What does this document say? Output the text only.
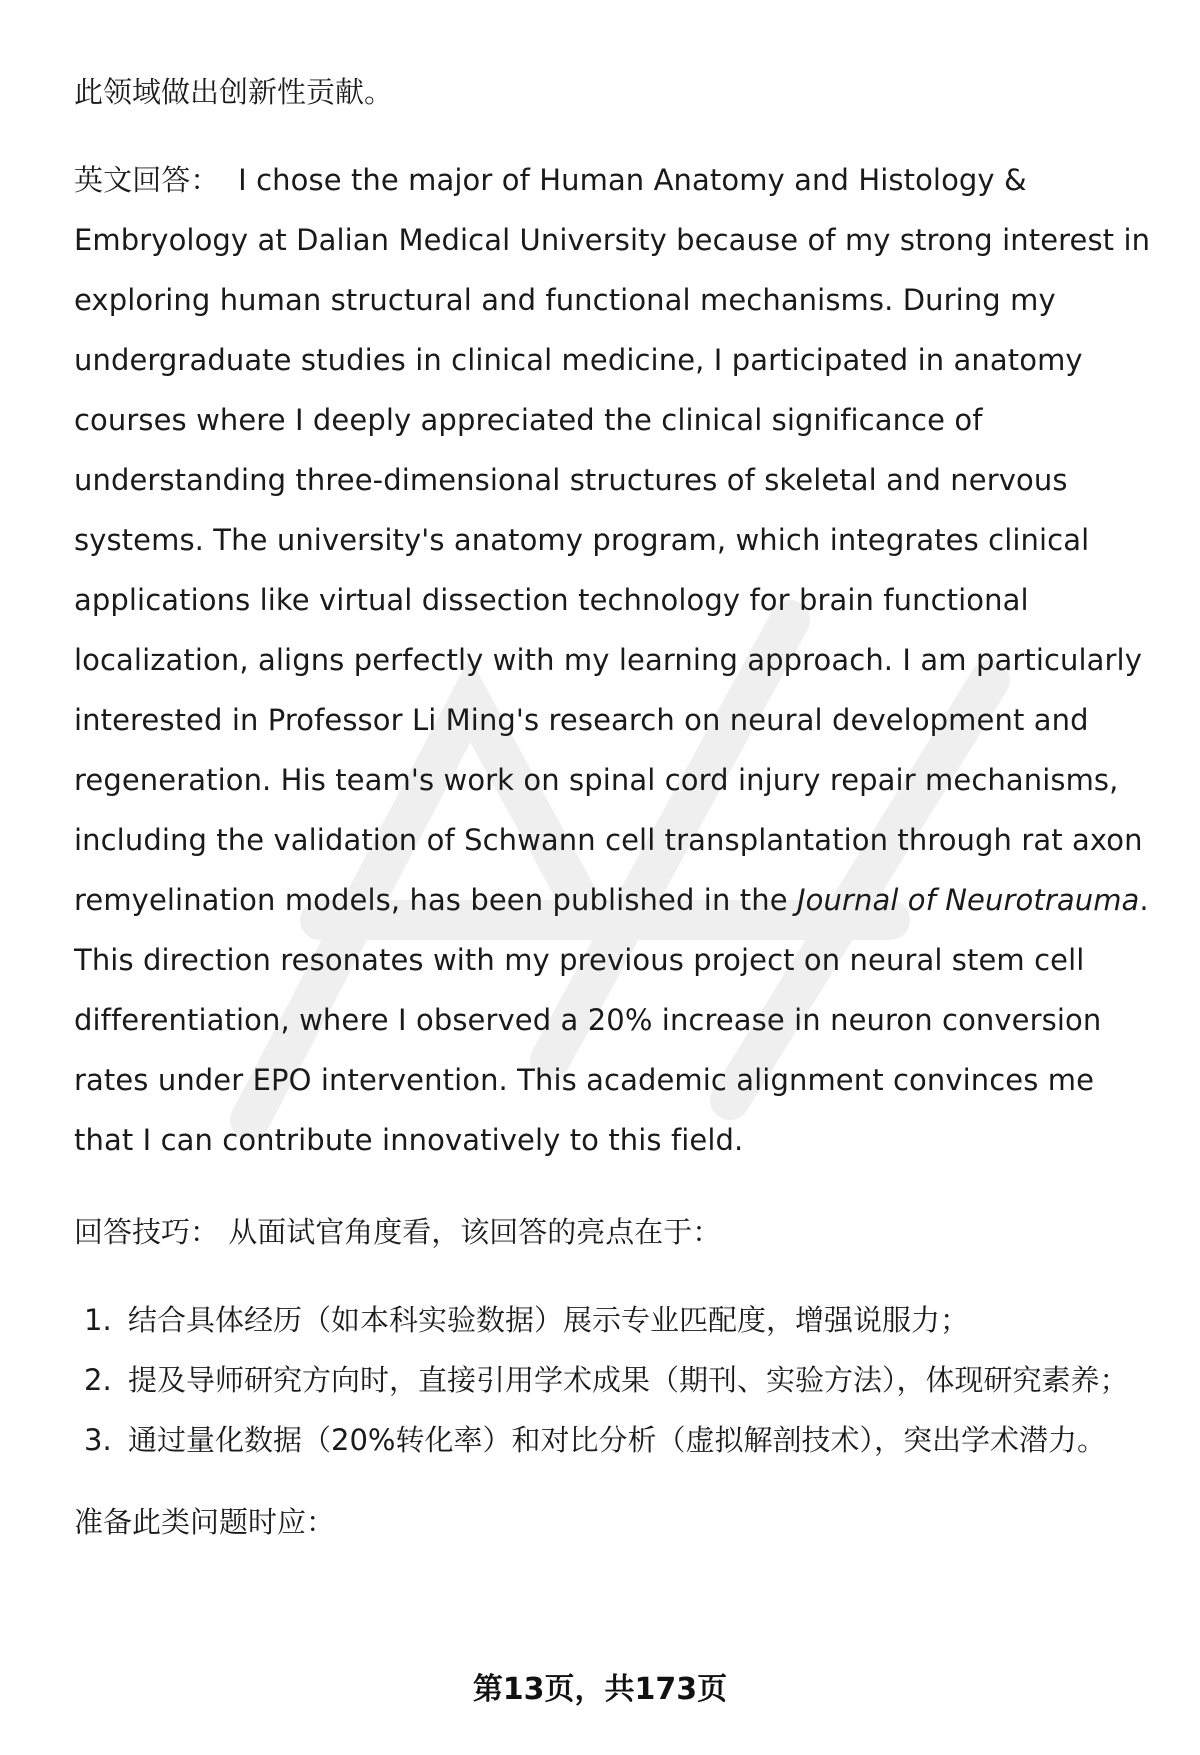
此领域做出创新性贡献。

英文回答： I chose the major of Human Anatomy and Histology & Embryology at Dalian Medical University because of my strong interest in exploring human structural and functional mechanisms. During my undergraduate studies in clinical medicine, I participated in anatomy courses where I deeply appreciated the clinical significance of understanding three-dimensional structures of skeletal and nervous systems. The university's anatomy program, which integrates clinical applications like virtual dissection technology for brain functional localization, aligns perfectly with my learning approach. I am particularly interested in Professor Li Ming's research on neural development and regeneration. His team's work on spinal cord injury repair mechanisms, including the validation of Schwann cell transplantation through rat axon remyelination models, has been published in the Journal of Neurotrauma. This direction resonates with my previous project on neural stem cell differentiation, where I observed a 20% increase in neuron conversion rates under EPO intervention. This academic alignment convinces me that I can contribute innovatively to this field.

回答技巧： 从面试官角度看，该回答的亮点在于：

1. 结合具体经历（如本科实验数据）展示专业匹配度，增强说服力；
2. 提及导师研究方向时，直接引用学术成果（期刊、实验方法），体现研究素养；
3. 通过量化数据（20%转化率）和对比分析（虚拟解剖技术），突出学术潜力。

准备此类问题时应：

第13页，共173页
